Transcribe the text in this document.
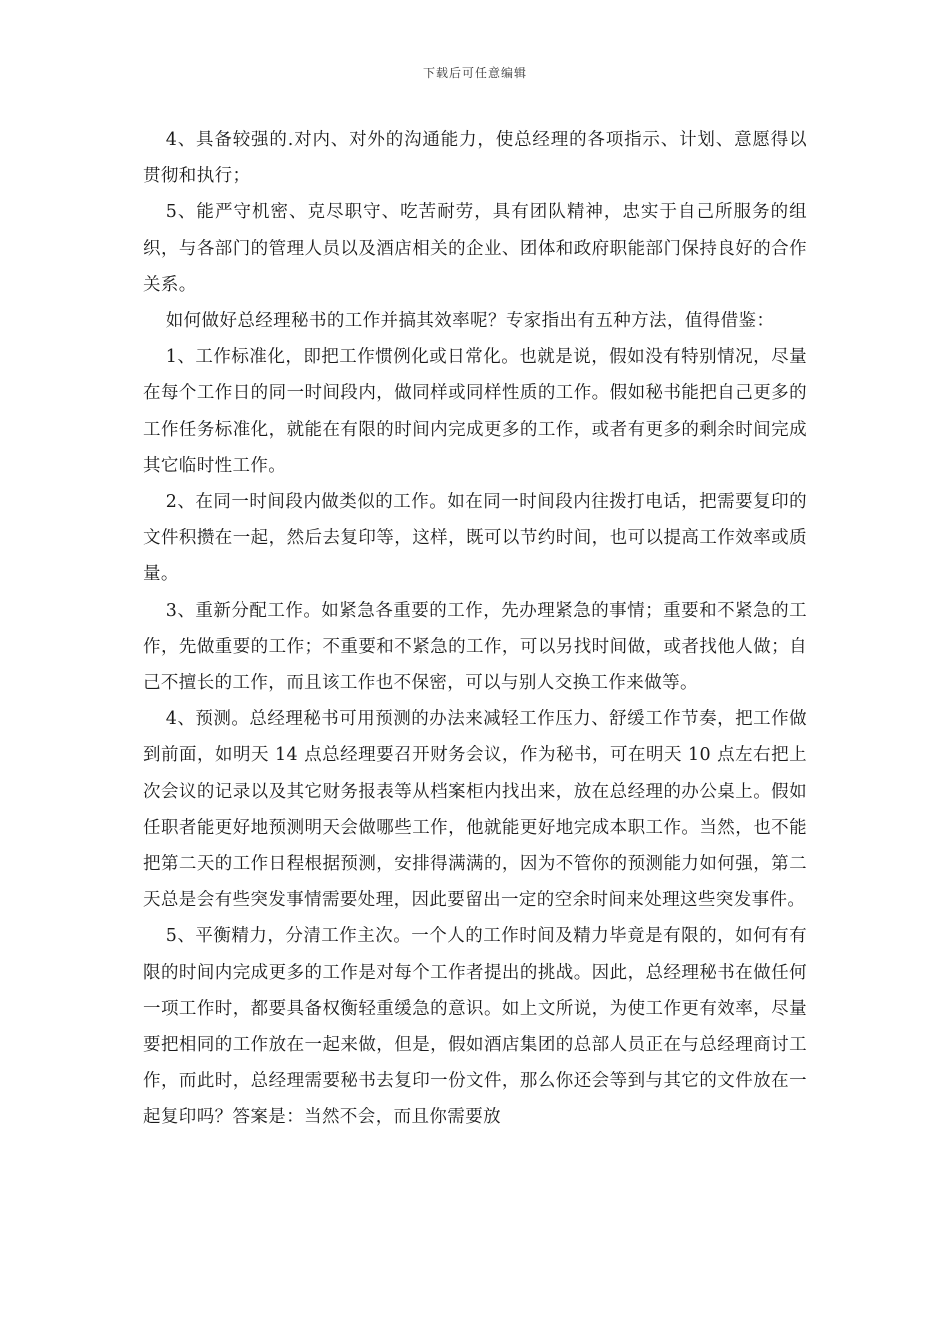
下载后可任意编辑

4、具备较强的.对内、对外的沟通能力，使总经理的各项指示、计划、意愿得以贯彻和执行；

5、能严守机密、克尽职守、吃苦耐劳，具有团队精神，忠实于自己所服务的组织，与各部门的管理人员以及酒店相关的企业、团体和政府职能部门保持良好的合作关系。

如何做好总经理秘书的工作并搞其效率呢？专家指出有五种方法，值得借鉴：

1、工作标准化，即把工作惯例化或日常化。也就是说，假如没有特别情况，尽量在每个工作日的同一时间段内，做同样或同样性质的工作。假如秘书能把自己更多的工作任务标准化，就能在有限的时间内完成更多的工作，或者有更多的剩余时间完成其它临时性工作。

2、在同一时间段内做类似的工作。如在同一时间段内往拨打电话，把需要复印的文件积攒在一起，然后去复印等，这样，既可以节约时间，也可以提高工作效率或质量。

3、重新分配工作。如紧急各重要的工作，先办理紧急的事情；重要和不紧急的工作，先做重要的工作；不重要和不紧急的工作，可以另找时间做，或者找他人做；自己不擅长的工作，而且该工作也不保密，可以与别人交换工作来做等。

4、预测。总经理秘书可用预测的办法来减轻工作压力、舒缓工作节奏，把工作做到前面，如明天 14 点总经理要召开财务会议，作为秘书，可在明天 10 点左右把上次会议的记录以及其它财务报表等从档案柜内找出来，放在总经理的办公桌上。假如任职者能更好地预测明天会做哪些工作，他就能更好地完成本职工作。当然，也不能把第二天的工作日程根据预测，安排得满满的，因为不管你的预测能力如何强，第二天总是会有些突发事情需要处理，因此要留出一定的空余时间来处理这些突发事件。

5、平衡精力，分清工作主次。一个人的工作时间及精力毕竟是有限的，如何有有限的时间内完成更多的工作是对每个工作者提出的挑战。因此，总经理秘书在做任何一项工作时，都要具备权衡轻重缓急的意识。如上文所说，为使工作更有效率，尽量要把相同的工作放在一起来做，但是，假如酒店集团的总部人员正在与总经理商讨工作，而此时，总经理需要秘书去复印一份文件，那么你还会等到与其它的文件放在一起复印吗？答案是：当然不会，而且你需要放
